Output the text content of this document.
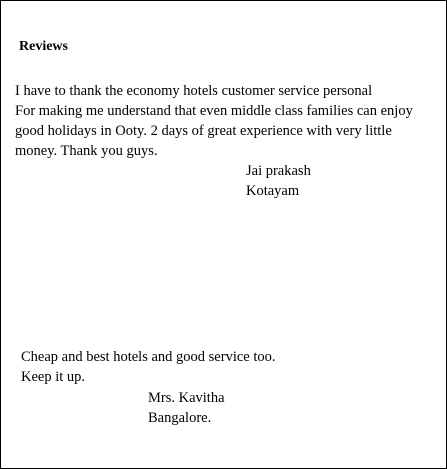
Reviews
I have to thank the economy hotels customer service personal
For making me understand that even middle class families can enjoy
good holidays in Ooty. 2 days of great experience with very little
money. Thank you guys.
Jai prakash
Kotayam
Cheap and best hotels and good service too.
Keep it up.
Mrs. Kavitha
Bangalore.
